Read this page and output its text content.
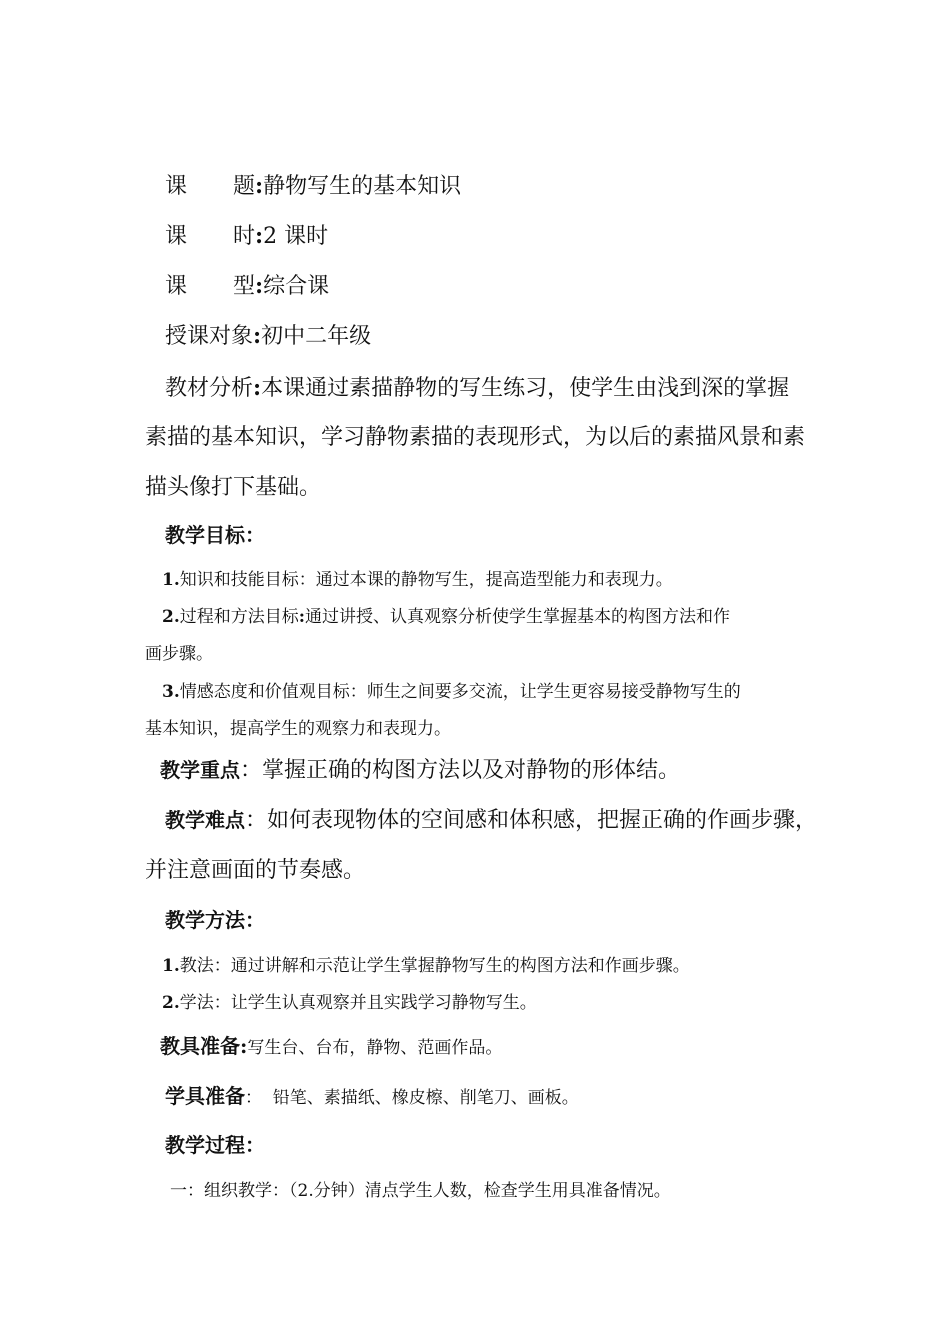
课 题:静物写生的基本知识
课 时:2 课时
课 型:综合课
授课对象:初中二年级
教材分析:本课通过素描静物的写生练习，使学生由浅到深的掌握
素描的基本知识，学习静物素描的表现形式，为以后的素描风景和素
描头像打下基础。
教学目标：
1.知识和技能目标：通过本课的静物写生，提高造型能力和表现力。
2.过程和方法目标:通过讲授、认真观察分析使学生掌握基本的构图方法和作
画步骤。
3.情感态度和价值观目标：师生之间要多交流，让学生更容易接受静物写生的
基本知识，提高学生的观察力和表现力。
教学重点：掌握正确的构图方法以及对静物的形体结。
教学难点：如何表现物体的空间感和体积感，把握正确的作画步骤，
并注意画面的节奏感。
教学方法：
1.教法：通过讲解和示范让学生掌握静物写生的构图方法和作画步骤。
2.学法：让学生认真观察并且实践学习静物写生。
教具准备:写生台、台布，静物、范画作品。
学具准备：  铅笔、素描纸、橡皮檫、削笔刀、画板。
教学过程：
一：组织教学：（2.分钟）清点学生人数，检查学生用具准备情况。
